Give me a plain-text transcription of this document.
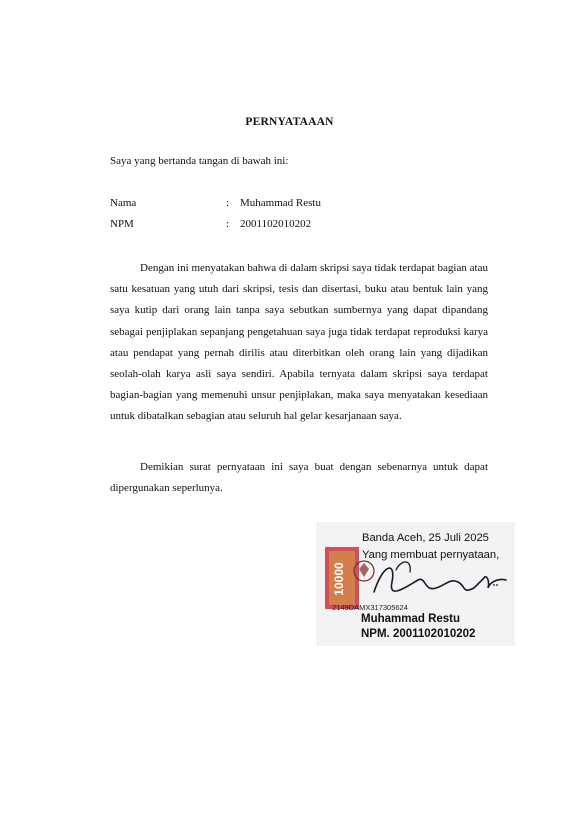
PERNYATAAAN
Saya yang bertanda tangan di bawah ini:
Nama	: Muhammad Restu
NPM	: 2001102010202

Dengan ini menyatakan bahwa di dalam skripsi saya tidak terdapat bagian atau satu kesatuan yang utuh dari skripsi, tesis dan disertasi, buku atau bentuk lain yang saya kutip dari orang lain tanpa saya sebutkan sumbernya yang dapat dipandang sebagai penjiplakan sepanjang pengetahuan saya juga tidak terdapat reproduksi karya atau pendapat yang pernah dirilis atau diterbitkan oleh orang lain yang dijadikan seolah-olah karya asli saya sendiri. Apabila ternyata dalam skripsi saya terdapat bagian-bagian yang memenuhi unsur penjiplakan, maka saya menyatakan kesediaan untuk dibatalkan sebagian atau seluruh hal gelar kesarjanaan saya.

Demikian surat pernyataan ini saya buat dengan sebenarnya untuk dapat dipergunakan seperlunya.

10000
2149DAMX317305624
Banda Aceh, 25 Juli 2025
Yang membuat pernyataan,
Muhammad Restu
NPM. 2001102010202
